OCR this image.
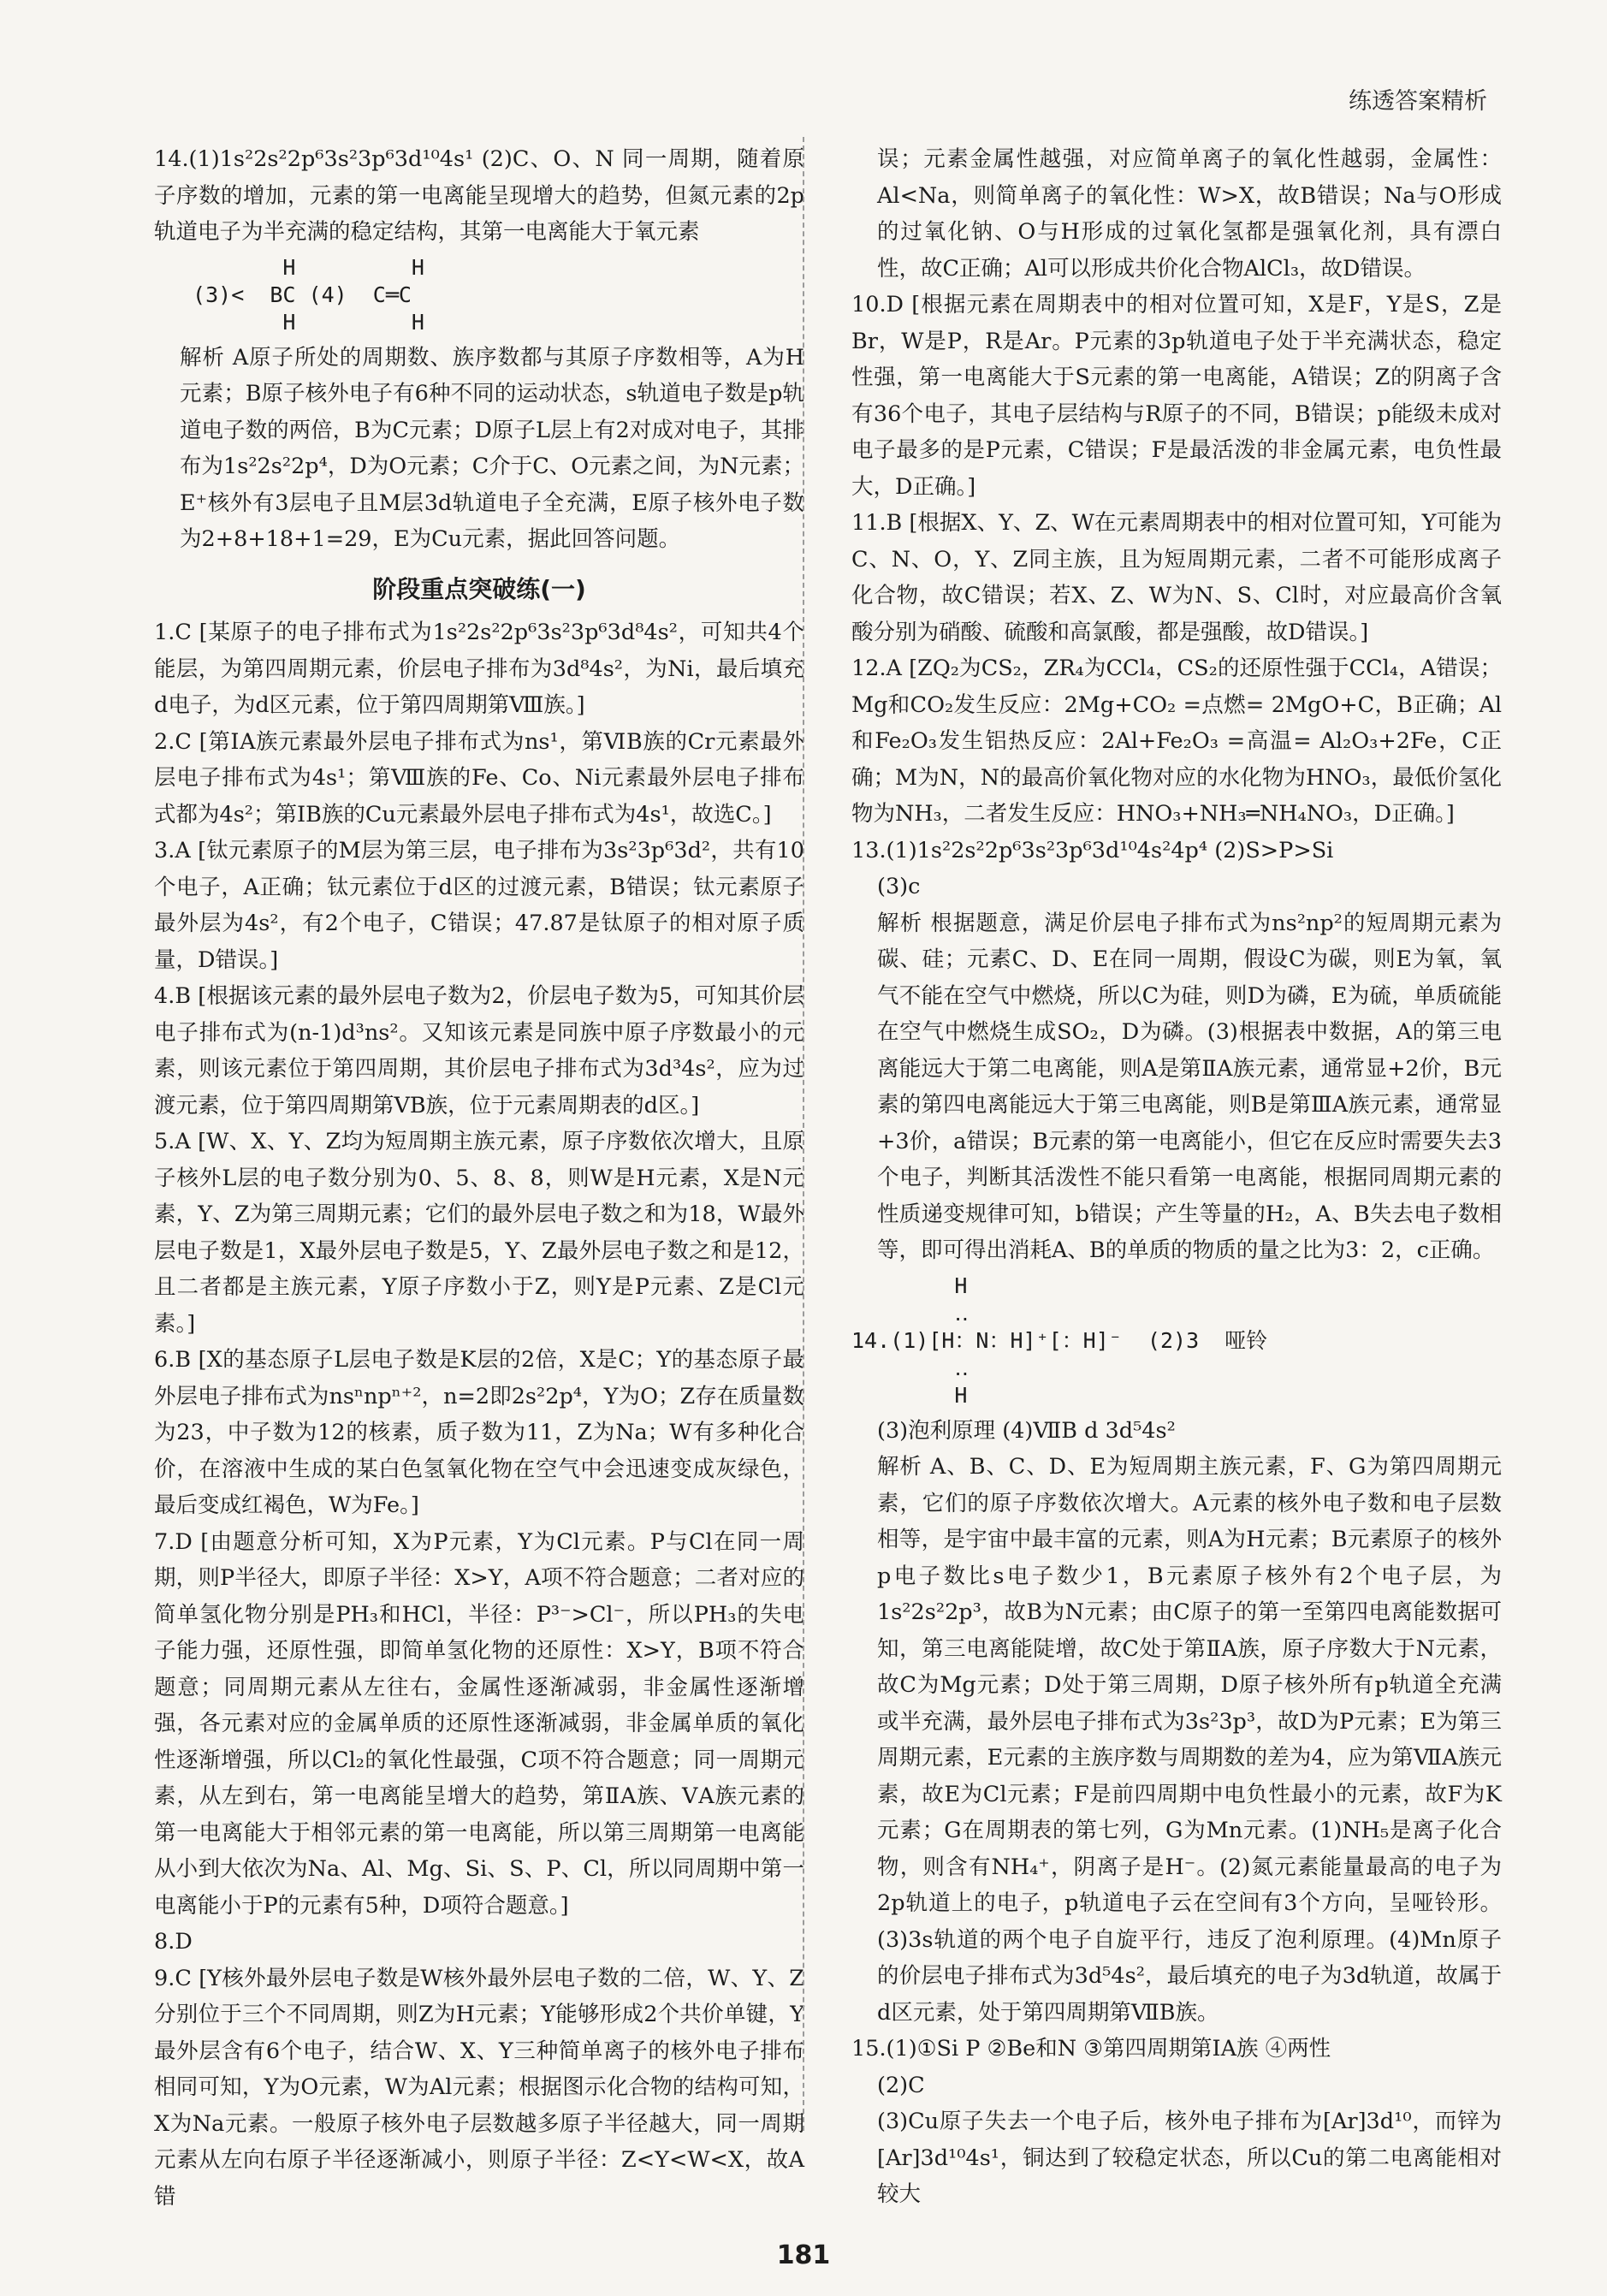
练透答案精析

14.(1)1s²2s²2p⁶3s²3p⁶3d¹⁰4s¹ (2)C、O、N 同一周期，随着原子序数的增加，元素的第一电离能呈现增大的趋势，但氮元素的2p轨道电子为半充满的稳定结构，其第一电离能大于氧元素

H         H
(3)<  BC (4)  C═C
H         H

解析 A原子所处的周期数、族序数都与其原子序数相等，A为H元素；B原子核外电子有6种不同的运动状态，s轨道电子数是p轨道电子数的两倍，B为C元素；D原子L层上有2对成对电子，其排布为1s²2s²2p⁴，D为O元素；C介于C、O元素之间，为N元素；E⁺核外有3层电子且M层3d轨道电子全充满，E原子核外电子数为2+8+18+1=29，E为Cu元素，据此回答问题。

阶段重点突破练(一)

1.C [某原子的电子排布式为1s²2s²2p⁶3s²3p⁶3d⁸4s²，可知共4个能层，为第四周期元素，价层电子排布为3d⁸4s²，为Ni，最后填充d电子，为d区元素，位于第四周期第Ⅷ族。]

2.C [第ⅠA族元素最外层电子排布式为ns¹，第ⅥB族的Cr元素最外层电子排布式为4s¹；第Ⅷ族的Fe、Co、Ni元素最外层电子排布式都为4s²；第ⅠB族的Cu元素最外层电子排布式为4s¹，故选C。]

3.A [钛元素原子的M层为第三层，电子排布为3s²3p⁶3d²，共有10个电子，A正确；钛元素位于d区的过渡元素，B错误；钛元素原子最外层为4s²，有2个电子，C错误；47.87是钛原子的相对原子质量，D错误。]

4.B [根据该元素的最外层电子数为2，价层电子数为5，可知其价层电子排布式为(n-1)d³ns²。又知该元素是同族中原子序数最小的元素，则该元素位于第四周期，其价层电子排布式为3d³4s²，应为过渡元素，位于第四周期第ⅤB族，位于元素周期表的d区。]

5.A [W、X、Y、Z均为短周期主族元素，原子序数依次增大，且原子核外L层的电子数分别为0、5、8、8，则W是H元素，X是N元素，Y、Z为第三周期元素；它们的最外层电子数之和为18，W最外层电子数是1，X最外层电子数是5，Y、Z最外层电子数之和是12，且二者都是主族元素，Y原子序数小于Z，则Y是P元素、Z是Cl元素。]

6.B [X的基态原子L层电子数是K层的2倍，X是C；Y的基态原子最外层电子排布式为nsⁿnpⁿ⁺²，n=2即2s²2p⁴，Y为O；Z存在质量数为23，中子数为12的核素，质子数为11，Z为Na；W有多种化合价，在溶液中生成的某白色氢氧化物在空气中会迅速变成灰绿色，最后变成红褐色，W为Fe。]

7.D [由题意分析可知，X为P元素，Y为Cl元素。P与Cl在同一周期，则P半径大，即原子半径：X>Y，A项不符合题意；二者对应的简单氢化物分别是PH₃和HCl，半径：P³⁻>Cl⁻，所以PH₃的失电子能力强，还原性强，即简单氢化物的还原性：X>Y，B项不符合题意；同周期元素从左往右，金属性逐渐减弱，非金属性逐渐增强，各元素对应的金属单质的还原性逐渐减弱，非金属单质的氧化性逐渐增强，所以Cl₂的氧化性最强，C项不符合题意；同一周期元素，从左到右，第一电离能呈增大的趋势，第ⅡA族、ⅤA族元素的第一电离能大于相邻元素的第一电离能，所以第三周期第一电离能从小到大依次为Na、Al、Mg、Si、S、P、Cl，所以同周期中第一电离能小于P的元素有5种，D项符合题意。]

8.D

9.C [Y核外最外层电子数是W核外最外层电子数的二倍，W、Y、Z分别位于三个不同周期，则Z为H元素；Y能够形成2个共价单键，Y最外层含有6个电子，结合W、X、Y三种简单离子的核外电子排布相同可知，Y为O元素，W为Al元素；根据图示化合物的结构可知，X为Na元素。一般原子核外电子层数越多原子半径越大，同一周期元素从左向右原子半径逐渐减小，则原子半径：Z<Y<W<X，故A错

误；元素金属性越强，对应简单离子的氧化性越弱，金属性：Al<Na，则简单离子的氧化性：W>X，故B错误；Na与O形成的过氧化钠、O与H形成的过氧化氢都是强氧化剂，具有漂白性，故C正确；Al可以形成共价化合物AlCl₃，故D错误。

10.D [根据元素在周期表中的相对位置可知，X是F，Y是S，Z是Br，W是P，R是Ar。P元素的3p轨道电子处于半充满状态，稳定性强，第一电离能大于S元素的第一电离能，A错误；Z的阴离子含有36个电子，其电子层结构与R原子的不同，B错误；p能级未成对电子最多的是P元素，C错误；F是最活泼的非金属元素，电负性最大，D正确。]

11.B [根据X、Y、Z、W在元素周期表中的相对位置可知，Y可能为C、N、O，Y、Z同主族，且为短周期元素，二者不可能形成离子化合物，故C错误；若X、Z、W为N、S、Cl时，对应最高价含氧酸分别为硝酸、硫酸和高氯酸，都是强酸，故D错误。]

12.A [ZQ₂为CS₂，ZR₄为CCl₄，CS₂的还原性强于CCl₄，A错误；Mg和CO₂发生反应：2Mg+CO₂ =点燃= 2MgO+C，B正确；Al和Fe₂O₃发生铝热反应：2Al+Fe₂O₃ =高温= Al₂O₃+2Fe，C正确；M为N，N的最高价氧化物对应的水化物为HNO₃，最低价氢化物为NH₃，二者发生反应：HNO₃+NH₃═NH₄NO₃，D正确。]

13.(1)1s²2s²2p⁶3s²3p⁶3d¹⁰4s²4p⁴ (2)S>P>Si

(3)c

解析 根据题意，满足价层电子排布式为ns²np²的短周期元素为碳、硅；元素C、D、E在同一周期，假设C为碳，则E为氧，氧气不能在空气中燃烧，所以C为硅，则D为磷，E为硫，单质硫能在空气中燃烧生成SO₂，D为磷。(3)根据表中数据，A的第三电离能远大于第二电离能，则A是第ⅡA族元素，通常显+2价，B元素的第四电离能远大于第三电离能，则B是第ⅢA族元素，通常显+3价，a错误；B元素的第一电离能小，但它在反应时需要失去3个电子，判断其活泼性不能只看第一电离能，根据同周期元素的性质递变规律可知，b错误；产生等量的H₂，A、B失去电子数相等，即可得出消耗A、B的单质的物质的量之比为3：2，c正确。

H
‥
14.(1)[H：N：H]⁺[：H]⁻  (2)3  哑铃
‥
H

(3)泡利原理 (4)ⅦB d 3d⁵4s²

解析 A、B、C、D、E为短周期主族元素，F、G为第四周期元素，它们的原子序数依次增大。A元素的核外电子数和电子层数相等，是宇宙中最丰富的元素，则A为H元素；B元素原子的核外p电子数比s电子数少1，B元素原子核外有2个电子层，为1s²2s²2p³，故B为N元素；由C原子的第一至第四电离能数据可知，第三电离能陡增，故C处于第ⅡA族，原子序数大于N元素，故C为Mg元素；D处于第三周期，D原子核外所有p轨道全充满或半充满，最外层电子排布式为3s²3p³，故D为P元素；E为第三周期元素，E元素的主族序数与周期数的差为4，应为第ⅦA族元素，故E为Cl元素；F是前四周期中电负性最小的元素，故F为K元素；G在周期表的第七列，G为Mn元素。(1)NH₅是离子化合物，则含有NH₄⁺，阴离子是H⁻。(2)氮元素能量最高的电子为2p轨道上的电子，p轨道电子云在空间有3个方向，呈哑铃形。(3)3s轨道的两个电子自旋平行，违反了泡利原理。(4)Mn原子的价层电子排布式为3d⁵4s²，最后填充的电子为3d轨道，故属于d区元素，处于第四周期第ⅦB族。

15.(1)①Si P ②Be和N ③第四周期第ⅠA族 ④两性

(2)C

(3)Cu原子失去一个电子后，核外电子排布为[Ar]3d¹⁰，而锌为[Ar]3d¹⁰4s¹，铜达到了较稳定状态，所以Cu的第二电离能相对较大

181
